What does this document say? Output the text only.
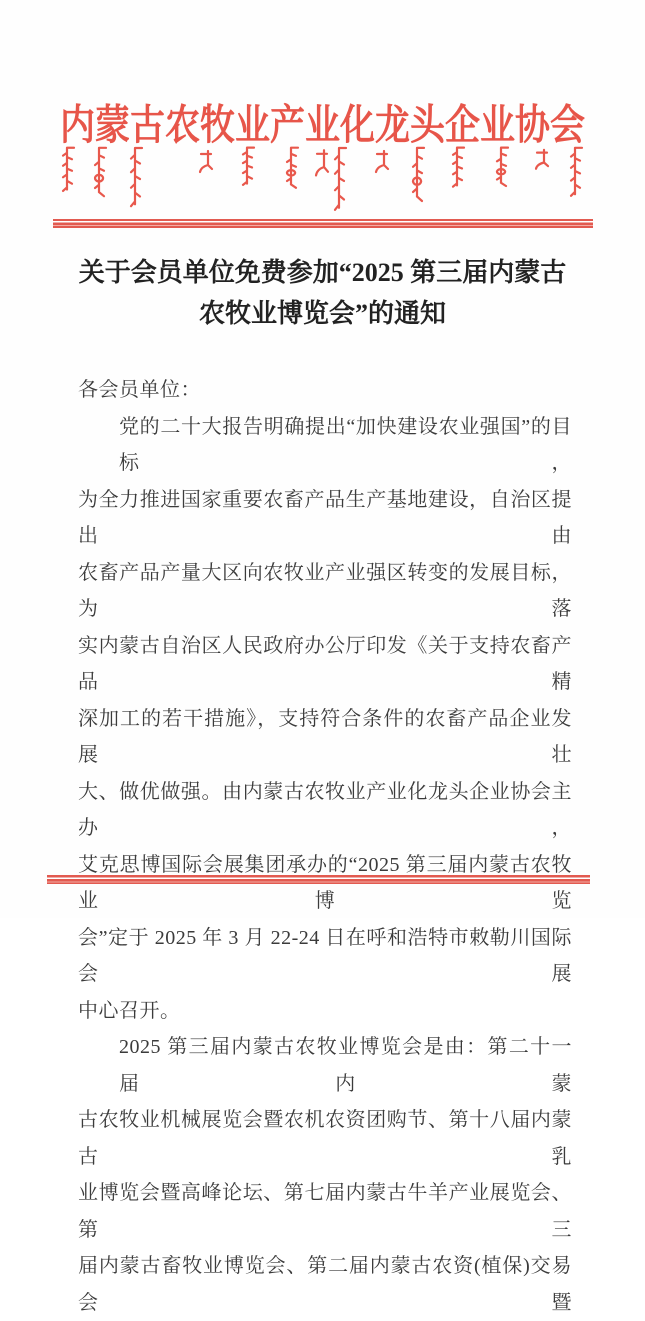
内蒙古农牧业产业化龙头企业协会
关于会员单位免费参加“2025 第三届内蒙古
农牧业博览会”的通知
各会员单位：
党的二十大报告明确提出“加快建设农业强国”的目标，
为全力推进国家重要农畜产品生产基地建设，自治区提出由
农畜产品产量大区向农牧业产业强区转变的发展目标，为落
实内蒙古自治区人民政府办公厅印发《关于支持农畜产品精
深加工的若干措施》，支持符合条件的农畜产品企业发展壮
大、做优做强。由内蒙古农牧业产业化龙头企业协会主办，
艾克思博国际会展集团承办的“2025 第三届内蒙古农牧业博览
会”定于 2025 年 3 月 22-24 日在呼和浩特市敕勒川国际会展
中心召开。
2025 第三届内蒙古农牧业博览会是由：第二十一届内蒙
古农牧业机械展览会暨农机农资团购节、第十八届内蒙古乳
业博览会暨高峰论坛、第七届内蒙古牛羊产业展览会、第三
届内蒙古畜牧业博览会、第二届内蒙古农资(植保)交易会暨
